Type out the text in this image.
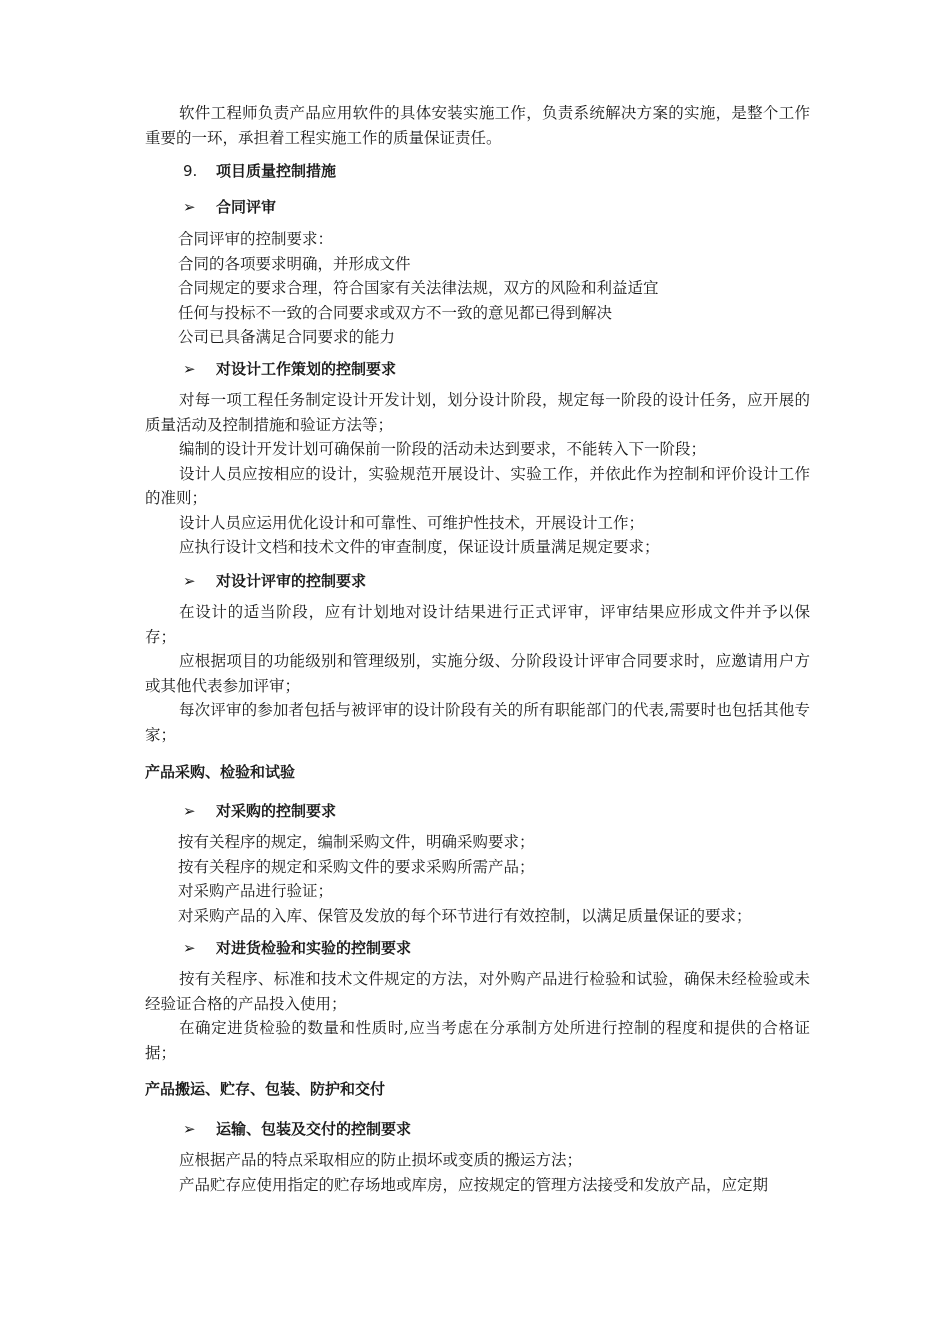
软件工程师负责产品应用软件的具体安装实施工作，负责系统解决方案的实施，是整个工作重要的一环，承担着工程实施工作的质量保证责任。

9. 项目质量控制措施
➢ 合同评审

合同评审的控制要求：

合同的各项要求明确，并形成文件

合同规定的要求合理，符合国家有关法律法规，双方的风险和利益适宜

任何与投标不一致的合同要求或双方不一致的意见都已得到解决

公司已具备满足合同要求的能力

➢ 对设计工作策划的控制要求

对每一项工程任务制定设计开发计划，划分设计阶段，规定每一阶段的设计任务，应开展的质量活动及控制措施和验证方法等；

编制的设计开发计划可确保前一阶段的活动未达到要求，不能转入下一阶段；

设计人员应按相应的设计，实验规范开展设计、实验工作，并依此作为控制和评价设计工作的准则；

设计人员应运用优化设计和可靠性、可维护性技术，开展设计工作；

应执行设计文档和技术文件的审查制度，保证设计质量满足规定要求；

➢ 对设计评审的控制要求

在设计的适当阶段，应有计划地对设计结果进行正式评审，评审结果应形成文件并予以保存；

应根据项目的功能级别和管理级别，实施分级、分阶段设计评审合同要求时，应邀请用户方或其他代表参加评审；

每次评审的参加者包括与被评审的设计阶段有关的所有职能部门的代表,需要时也包括其他专家；

产品采购、检验和试验
➢ 对采购的控制要求

按有关程序的规定，编制采购文件，明确采购要求；

按有关程序的规定和采购文件的要求采购所需产品；

对采购产品进行验证；

对采购产品的入库、保管及发放的每个环节进行有效控制，以满足质量保证的要求；

➢ 对进货检验和实验的控制要求

按有关程序、标准和技术文件规定的方法，对外购产品进行检验和试验，确保未经检验或未经验证合格的产品投入使用；

在确定进货检验的数量和性质时,应当考虑在分承制方处所进行控制的程度和提供的合格证据；

产品搬运、贮存、包装、防护和交付
➢ 运输、包装及交付的控制要求

应根据产品的特点采取相应的防止损坏或变质的搬运方法；

产品贮存应使用指定的贮存场地或库房，应按规定的管理方法接受和发放产品，应定期
